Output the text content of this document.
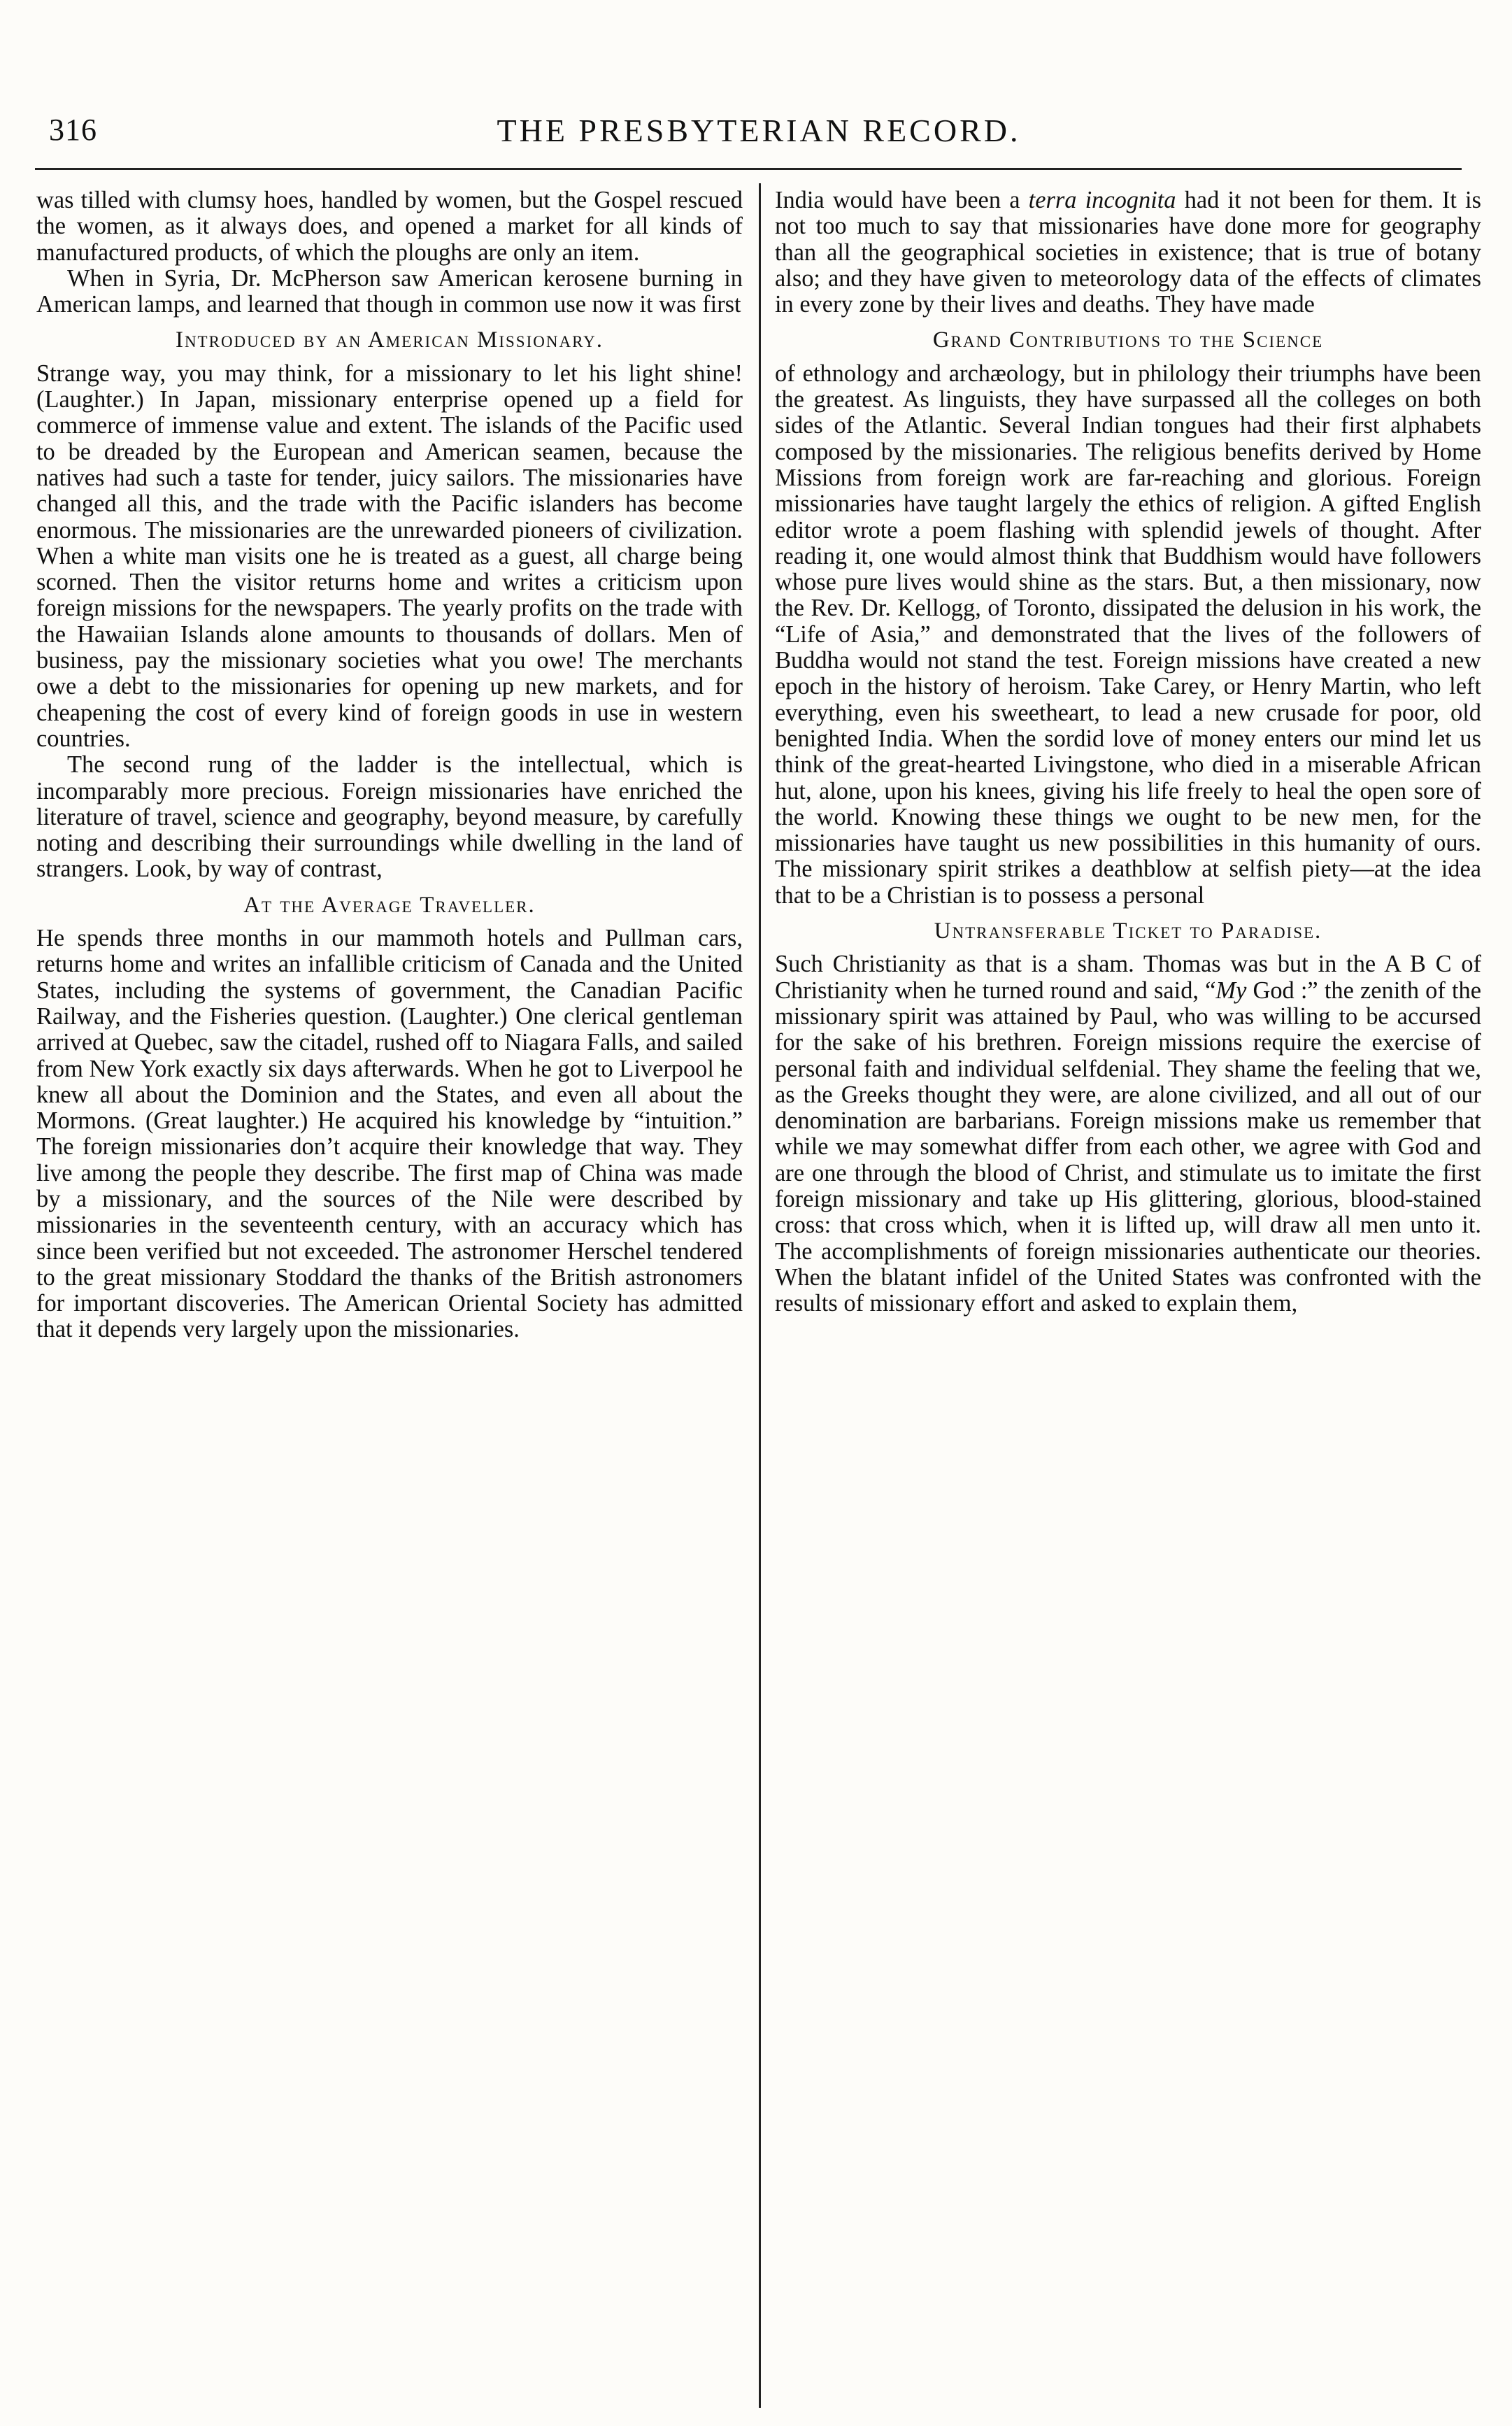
316	THE PRESBYTERIAN RECORD.

was tilled with clumsy hoes, handled by women, but the Gospel rescued the women, as it always does, and opened a market for all kinds of manufactured products, of which the ploughs are only an item.

When in Syria, Dr. McPherson saw American kerosene burning in American lamps, and learned that though in common use now it was first

Introduced by an American Missionary.

Strange way, you may think, for a missionary to let his light shine! (Laughter.) In Japan, missionary enterprise opened up a field for commerce of immense value and extent. The islands of the Pacific used to be dreaded by the European and American seamen, because the natives had such a taste for tender, juicy sailors. The missionaries have changed all this, and the trade with the Pacific islanders has become enormous. The missionaries are the unrewarded pioneers of civilization. When a white man visits one he is treated as a guest, all charge being scorned. Then the visitor returns home and writes a criticism upon foreign missions for the newspapers. The yearly profits on the trade with the Hawaiian Islands alone amounts to thousands of dollars. Men of business, pay the missionary societies what you owe! The merchants owe a debt to the missionaries for opening up new markets, and for cheapening the cost of every kind of foreign goods in use in western countries.

The second rung of the ladder is the intellectual, which is incomparably more precious. Foreign missionaries have enriched the literature of travel, science and geography, beyond measure, by carefully noting and describing their surroundings while dwelling in the land of strangers. Look, by way of contrast,

At the Average Traveller.

He spends three months in our mammoth hotels and Pullman cars, returns home and writes an infallible criticism of Canada and the United States, including the systems of government, the Canadian Pacific Railway, and the Fisheries question. (Laughter.) One clerical gentleman arrived at Quebec, saw the citadel, rushed off to Niagara Falls, and sailed from New York exactly six days afterwards. When he got to Liverpool he knew all about the Dominion and the States, and even all about the Mormons. (Great laughter.) He acquired his knowledge by “intuition.” The foreign missionaries don’t acquire their knowledge that way. They live among the people they describe. The first map of China was made by a missionary, and the sources of the Nile were described by missionaries in the seventeenth century, with an accuracy which has since been verified but not exceeded. The astronomer Herschel tendered to the great missionary Stoddard the thanks of the British astronomers for important discoveries. The American Oriental Society has admitted that it depends very largely upon the missionaries.

India would have been a terra incognita had it not been for them. It is not too much to say that missionaries have done more for geography than all the geographical societies in existence; that is true of botany also; and they have given to meteorology data of the effects of climates in every zone by their lives and deaths. They have made

Grand Contributions to the Science

of ethnology and archæology, but in philology their triumphs have been the greatest. As linguists, they have surpassed all the colleges on both sides of the Atlantic. Several Indian tongues had their first alphabets composed by the missionaries. The religious benefits derived by Home Missions from foreign work are far-reaching and glorious. Foreign missionaries have taught largely the ethics of religion. A gifted English editor wrote a poem flashing with splendid jewels of thought. After reading it, one would almost think that Buddhism would have followers whose pure lives would shine as the stars. But, a then missionary, now the Rev. Dr. Kellogg, of Toronto, dissipated the delusion in his work, the “Life of Asia,” and demonstrated that the lives of the followers of Buddha would not stand the test. Foreign missions have created a new epoch in the history of heroism. Take Carey, or Henry Martin, who left everything, even his sweetheart, to lead a new crusade for poor, old benighted India. When the sordid love of money enters our mind let us think of the great-hearted Livingstone, who died in a miserable African hut, alone, upon his knees, giving his life freely to heal the open sore of the world. Knowing these things we ought to be new men, for the missionaries have taught us new possibilities in this humanity of ours. The missionary spirit strikes a deathblow at selfish piety—at the idea that to be a Christian is to possess a personal

Untransferable Ticket to Paradise.

Such Christianity as that is a sham. Thomas was but in the A B C of Christianity when he turned round and said, “My God :” the zenith of the missionary spirit was attained by Paul, who was willing to be accursed for the sake of his brethren. Foreign missions require the exercise of personal faith and individual selfdenial. They shame the feeling that we, as the Greeks thought they were, are alone civilized, and all out of our denomination are barbarians. Foreign missions make us remember that while we may somewhat differ from each other, we agree with God and are one through the blood of Christ, and stimulate us to imitate the first foreign missionary and take up His glittering, glorious, blood-stained cross: that cross which, when it is lifted up, will draw all men unto it. The accomplishments of foreign missionaries authenticate our theories. When the blatant infidel of the United States was confronted with the results of missionary effort and asked to explain them,
